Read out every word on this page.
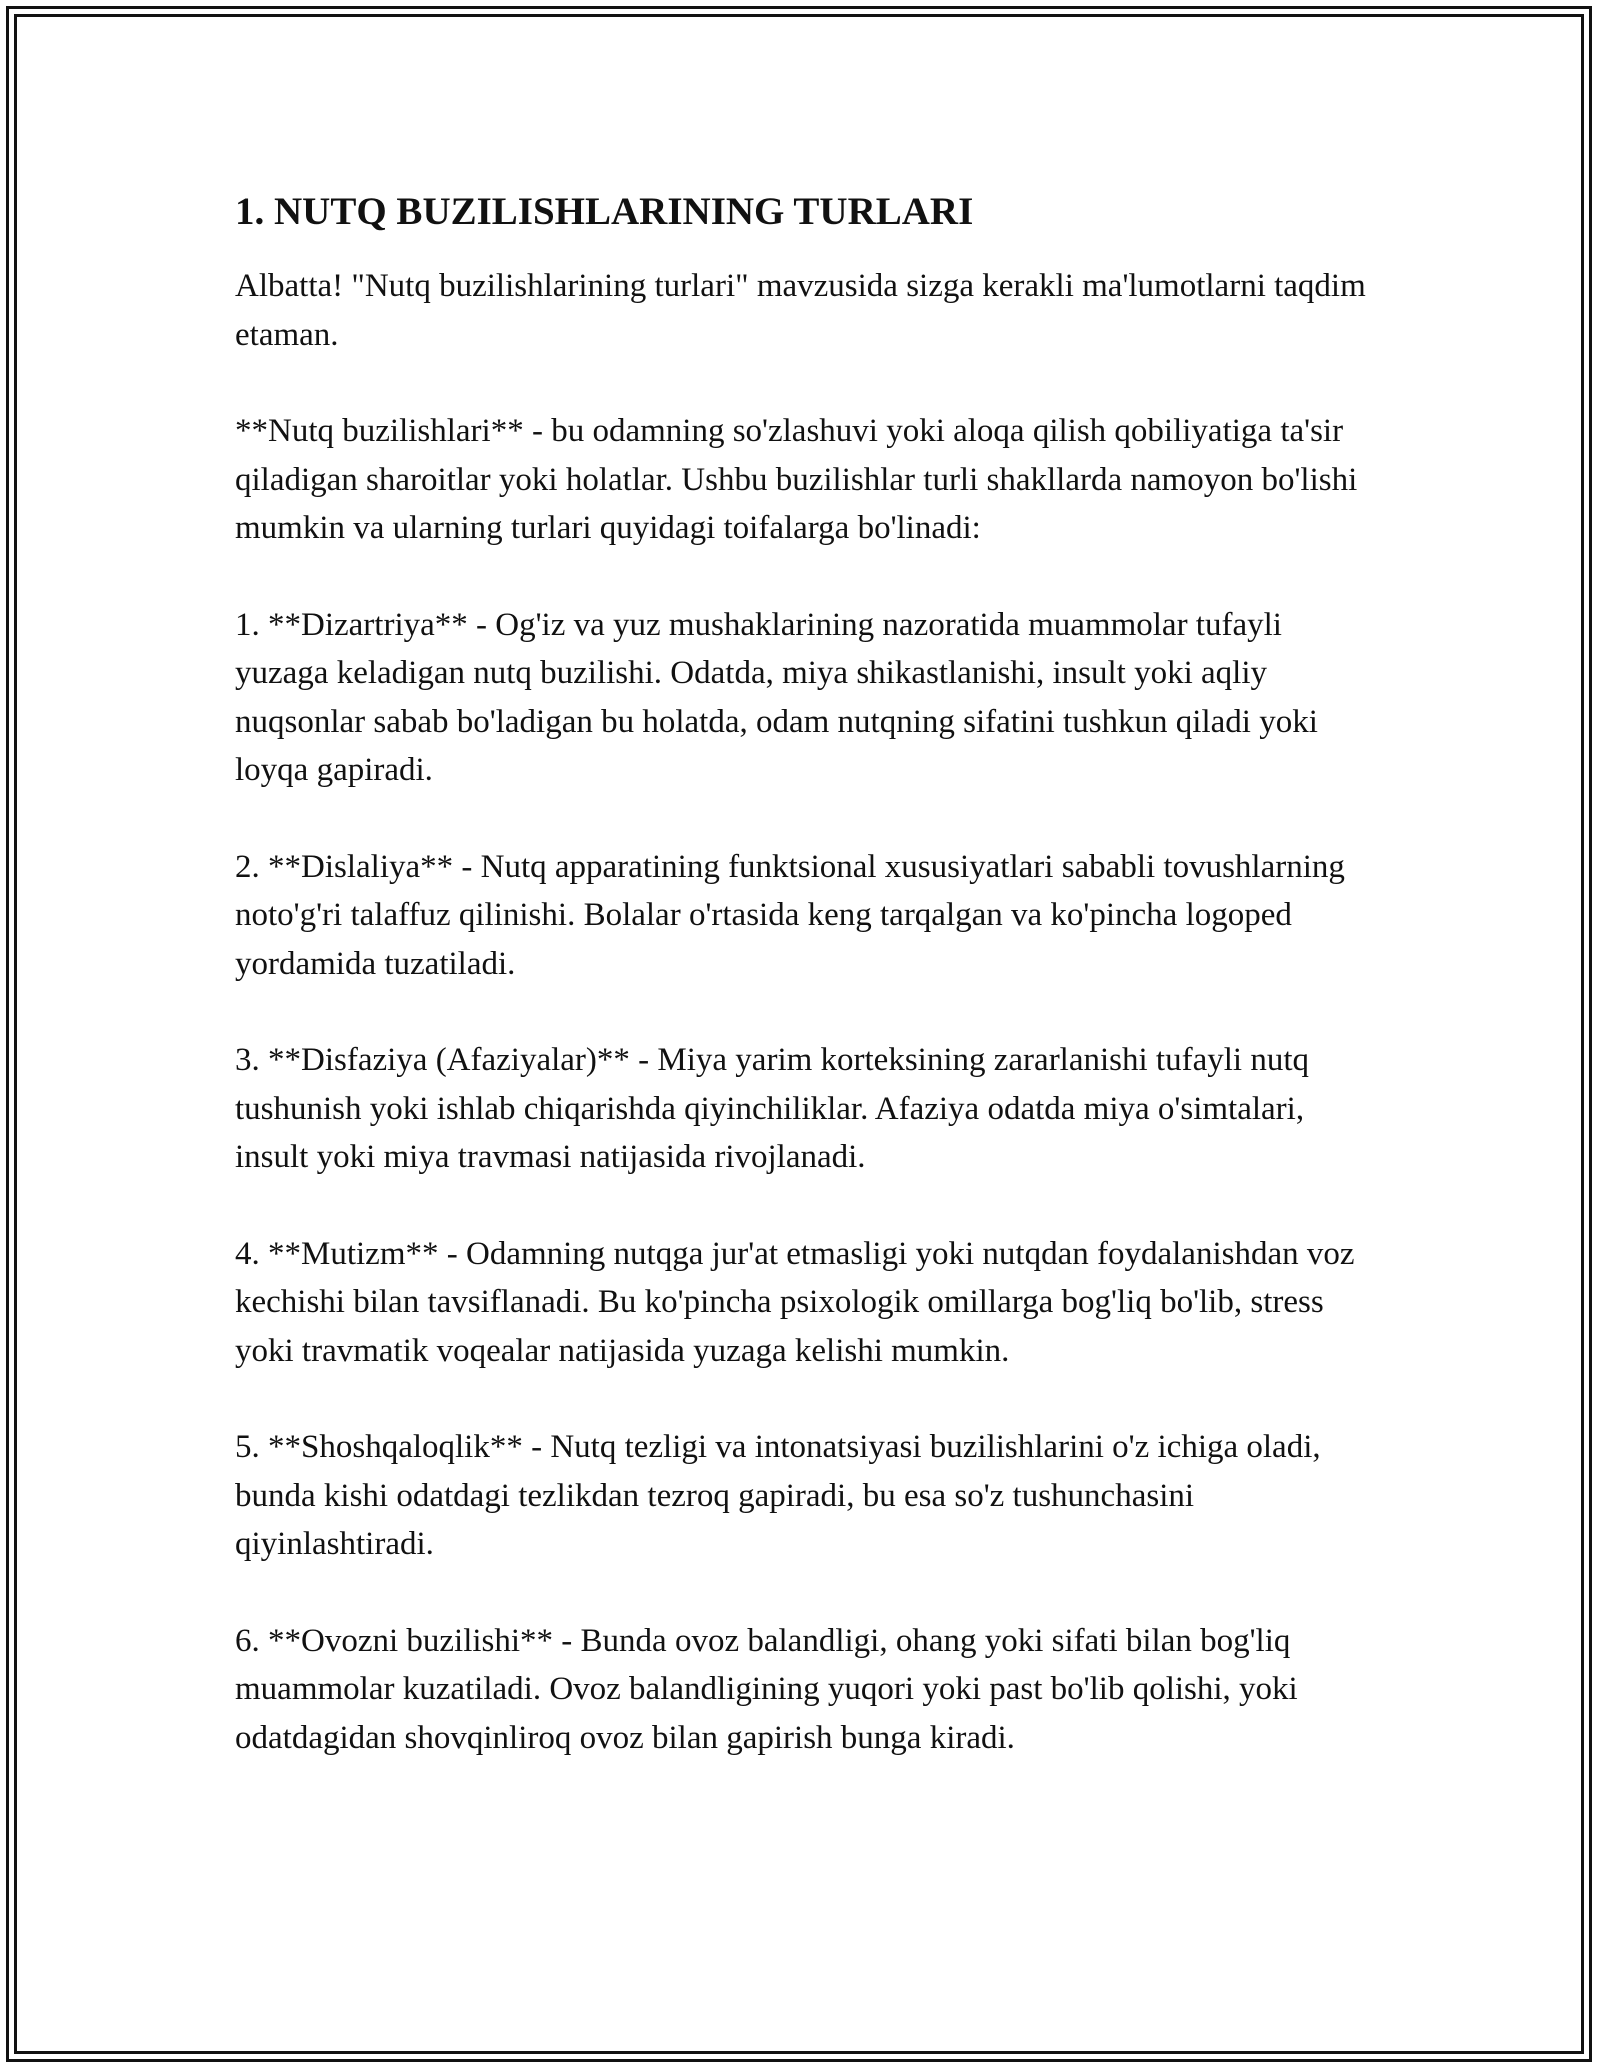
1. NUTQ BUZILISHLARINING TURLARI

Albatta! "Nutq buzilishlarining turlari" mavzusida sizga kerakli ma'lumotlarni taqdim etaman.

**Nutq buzilishlari** - bu odamning so'zlashuvi yoki aloqa qilish qobiliyatiga ta'sir qiladigan sharoitlar yoki holatlar. Ushbu buzilishlar turli shakllarda namoyon bo'lishi mumkin va ularning turlari quyidagi toifalarga bo'linadi:

1. **Dizartriya** - Og'iz va yuz mushaklarining nazoratida muammolar tufayli yuzaga keladigan nutq buzilishi. Odatda, miya shikastlanishi, insult yoki aqliy nuqsonlar sabab bo'ladigan bu holatda, odam nutqning sifatini tushkun qiladi yoki loyqa gapiradi.

2. **Dislaliya** - Nutq apparatining funktsional xususiyatlari sababli tovushlarning noto'g'ri talaffuz qilinishi. Bolalar o'rtasida keng tarqalgan va ko'pincha logoped yordamida tuzatiladi.

3. **Disfaziya (Afaziyalar)** - Miya yarim korteksining zararlanishi tufayli nutq tushunish yoki ishlab chiqarishda qiyinchiliklar. Afaziya odatda miya o'simtalari, insult yoki miya travmasi natijasida rivojlanadi.

4. **Mutizm** - Odamning nutqga jur'at etmasligi yoki nutqdan foydalanishdan voz kechishi bilan tavsiflanadi. Bu ko'pincha psixologik omillarga bog'liq bo'lib, stress yoki travmatik voqealar natijasida yuzaga kelishi mumkin.

5. **Shoshqaloqlik** - Nutq tezligi va intonatsiyasi buzilishlarini o'z ichiga oladi, bunda kishi odatdagi tezlikdan tezroq gapiradi, bu esa so'z tushunchasini qiyinlashtiradi.

6. **Ovozni buzilishi** - Bunda ovoz balandligi, ohang yoki sifati bilan bog'liq muammolar kuzatiladi. Ovoz balandligining yuqori yoki past bo'lib qolishi, yoki odatdagidan shovqinliroq ovoz bilan gapirish bunga kiradi.
